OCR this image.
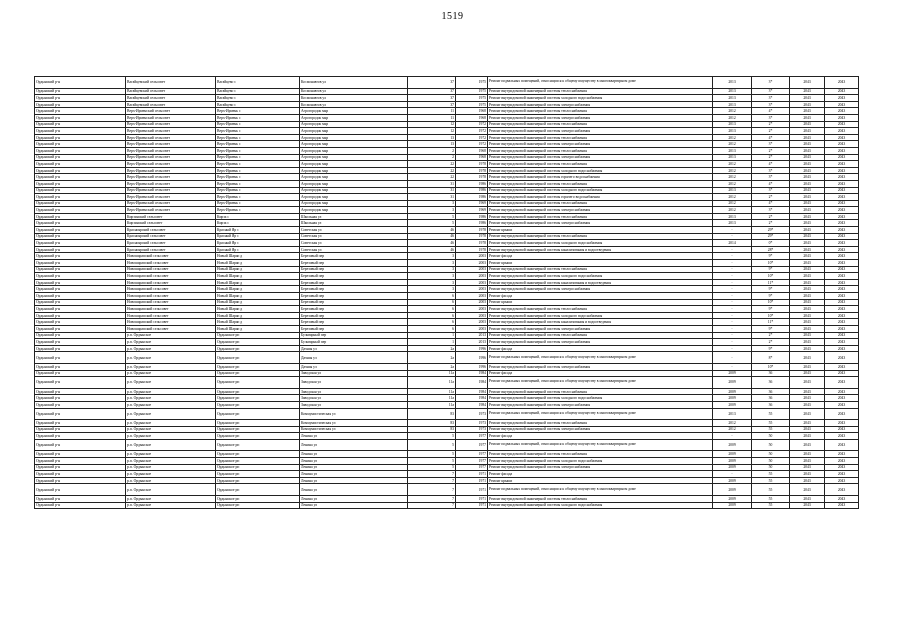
1519
Ордынский р-н	Вагайцевский сельсовет	Вагайцево с	Космонавтов ул	37	1975	Ремонт подвальных помещений, относящихся к общему имуществу в многоквартирном доме	2013	3*	2043	2043
Ордынский р-н	Вагайцевский сельсовет	Вагайцево с	Космонавтов ул	37	1975	Ремонт внутридомовой инженерной системы теплоснабжения	2013	3*	2043	2043
Ордынский р-н	Вагайцевский сельсовет	Вагайцево с	Космонавтов ул	37	1975	Ремонт внутридомовой инженерной системы холодного водоснабжения	2013	3*	2043	2043
Ордынский р-н	Вагайцевский сельсовет	Вагайцево с	Космонавтов ул	37	1975	Ремонт внутридомовой инженерной системы электроснабжения	2013	3*	2043	2043
Ордынский р-н	Верх-Ирменский сельсовет	Верх-Ирмень с	Агрогородок мкр	11	1968	Ремонт внутридомовой инженерной системы теплоснабжения	2012	4*	2043	2043
Ордынский р-н	Верх-Ирменский сельсовет	Верх-Ирмень с	Агрогородок мкр	11	1968	Ремонт внутридомовой инженерной системы электроснабжения	2012	3*	2043	2043
Ордынский р-н	Верх-Ирменский сельсовет	Верх-Ирмень с	Агрогородок мкр	12	1972	Ремонт внутридомовой инженерной системы теплоснабжения	2013	2*	2043	2043
Ордынский р-н	Верх-Ирменский сельсовет	Верх-Ирмень с	Агрогородок мкр	12	1972	Ремонт внутридомовой инженерной системы электроснабжения	2013	2*	2043	2043
Ордынский р-н	Верх-Ирменский сельсовет	Верх-Ирмень с	Агрогородок мкр	13	1972	Ремонт внутридомовой инженерной системы теплоснабжения	2012	4*	2043	2043
Ордынский р-н	Верх-Ирменский сельсовет	Верх-Ирмень с	Агрогородок мкр	13	1972	Ремонт внутридомовой инженерной системы электроснабжения	2012	3*	2043	2043
Ордынский р-н	Верх-Ирменский сельсовет	Верх-Ирмень с	Агрогородок мкр	2	1968	Ремонт внутридомовой инженерной системы теплоснабжения	2013	2*	2043	2043
Ордынский р-н	Верх-Ирменский сельсовет	Верх-Ирмень с	Агрогородок мкр	2	1968	Ремонт внутридомовой инженерной системы электроснабжения	2013	2*	2043	2043
Ордынский р-н	Верх-Ирменский сельсовет	Верх-Ирмень с	Агрогородок мкр	22	1978	Ремонт внутридомовой инженерной системы теплоснабжения	2012	4*	2043	2043
Ордынский р-н	Верх-Ирменский сельсовет	Верх-Ирмень с	Агрогородок мкр	22	1978	Ремонт внутридомовой инженерной системы холодного водоснабжения	2012	3*	2043	2043
Ордынский р-н	Верх-Ирменский сельсовет	Верх-Ирмень с	Агрогородок мкр	22	1978	Ремонт внутридомовой инженерной системы горячего водоснабжения	2012	3*	2043	2043
Ордынский р-н	Верх-Ирменский сельсовет	Верх-Ирмень с	Агрогородок мкр	31	1986	Ремонт внутридомовой инженерной системы теплоснабжения	2012	4*	2043	2043
Ордынский р-н	Верх-Ирменский сельсовет	Верх-Ирмень с	Агрогородок мкр	31	1986	Ремонт внутридомовой инженерной системы холодного водоснабжения	2013	3*	2043	2043
Ордынский р-н	Верх-Ирменский сельсовет	Верх-Ирмень с	Агрогородок мкр	31	1986	Ремонт внутридомовой инженерной системы горячего водоснабжения	2012	2*	2043	2043
Ордынский р-н	Верх-Ирменский сельсовет	Верх-Ирмень с	Агрогородок мкр	3	1969	Ремонт внутридомовой инженерной системы теплоснабжения	2012	4*	2043	2043
Ордынский р-н	Верх-Ирменский сельсовет	Верх-Ирмень с	Агрогородок мкр	3	1969	Ремонт внутридомовой инженерной системы электроснабжения	2012	3*	2043	2043
Ордынский р-н	Кирзинский сельсовет	Кирза с	Школьная ул	5	1986	Ремонт внутридомовой инженерной системы теплоснабжения	2013	2*	2043	2043
Ордынский р-н	Кирзинский сельсовет	Кирза с	Школьная ул	5	1986	Ремонт внутридомовой инженерной системы электроснабжения	2013	2*	2043	2043
Ордынский р-н	Красноярский сельсовет	Красный Яр с	Советская ул	46	1978	Ремонт крыши	-	29*	2043	2043
Ордынский р-н	Красноярский сельсовет	Красный Яр с	Советская ул	46	1978	Ремонт внутридомовой инженерной системы теплоснабжения	-	29*	2043	2043
Ордынский р-н	Красноярский сельсовет	Красный Яр с	Советская ул	46	1978	Ремонт внутридомовой инженерной системы холодного водоснабжения	2014	0*	2043	2043
Ордынский р-н	Красноярский сельсовет	Красный Яр с	Советская ул	46	1978	Ремонт внутридомовой инженерной системы канализования и водоотведения	-	28*	2043	2043
Ордынский р-н	Новошарапский сельсовет	Новый Шарап д	Березовый пер	3	2003	Ремонт фасада	-	9*	2043	2043
Ордынский р-н	Новошарапский сельсовет	Новый Шарап д	Березовый пер	3	2003	Ремонт крыши	-	10*	2043	2043
Ордынский р-н	Новошарапский сельсовет	Новый Шарап д	Березовый пер	3	2003	Ремонт внутридомовой инженерной системы теплоснабжения	-	9*	2043	2043
Ордынский р-н	Новошарапский сельсовет	Новый Шарап д	Березовый пер	3	2003	Ремонт внутридомовой инженерной системы холодного водоснабжения	-	10*	2043	2043
Ордынский р-н	Новошарапский сельсовет	Новый Шарап д	Березовый пер	3	2003	Ремонт внутридомовой инженерной системы канализования и водоотведения	-	11*	2043	2043
Ордынский р-н	Новошарапский сельсовет	Новый Шарап д	Березовый пер	3	2003	Ремонт внутридомовой инженерной системы электроснабжения	-	9*	2043	2043
Ордынский р-н	Новошарапский сельсовет	Новый Шарап д	Березовый пер	6	2003	Ремонт фасада	-	9*	2043	2043
Ордынский р-н	Новошарапский сельсовет	Новый Шарап д	Березовый пер	6	2003	Ремонт крыши	-	10*	2043	2043
Ордынский р-н	Новошарапский сельсовет	Новый Шарап д	Березовый пер	6	2003	Ремонт внутридомовой инженерной системы теплоснабжения	-	9*	2043	2043
Ордынский р-н	Новошарапский сельсовет	Новый Шарап д	Березовый пер	6	2003	Ремонт внутридомовой инженерной системы холодного водоснабжения	-	10*	2043	2043
Ордынский р-н	Новошарапский сельсовет	Новый Шарап д	Березовый пер	6	2003	Ремонт внутридомовой инженерной системы канализования и водоотведения	-	11*	2043	2043
Ордынский р-н	Новошарапский сельсовет	Новый Шарап д	Березовый пер	6	2003	Ремонт внутридомовой инженерной системы электроснабжения	-	9*	2043	2043
Ордынский р-н	р.п. Ордынское	Ордынское рп	Бульварный пер	1	2013	Ремонт внутридомовой инженерной системы теплоснабжения	-	2*	2043	2043
Ордынский р-н	р.п. Ордынское	Ордынское рп	Бульварный пер	1	2013	Ремонт внутридомовой инженерной системы электроснабжения	-	2*	2043	2043
Ордынский р-н	р.п. Ордынское	Ордынское рп	Дачная ул	2а	1996	Ремонт фасада	-	9*	2043	2043
Ордынский р-н	р.п. Ордынское	Ордынское рп	Дачная ул	2а	1996	Ремонт подвальных помещений, относящихся к общему имуществу в многоквартирном доме	-	8*	2043	2043
Ордынский р-н	р.п. Ордынское	Ордынское рп	Дачная ул	2а	1996	Ремонт внутридомовой инженерной системы электроснабжения	-	10*	2043	2043
Ордынский р-н	р.п. Ордынское	Ордынское рп	Заводская ул	11а	1984	Ремонт фасада	2009	36	2043	2043
Ордынский р-н	р.п. Ордынское	Ордынское рп	Заводская ул	11а	1984	Ремонт подвальных помещений, относящихся к общему имуществу в многоквартирном доме	2009	36	2043	2043
Ордынский р-н	р.п. Ордынское	Ордынское рп	Заводская ул	11а	1984	Ремонт внутридомовой инженерной системы теплоснабжения	2009	36	2043	2043
Ордынский р-н	р.п. Ордынское	Ордынское рп	Заводская ул	11а	1984	Ремонт внутридомовой инженерной системы холодного водоснабжения	2009	36	2043	2043
Ордынский р-н	р.п. Ордынское	Ордынское рп	Заводская ул	11а	1984	Ремонт внутридомовой инженерной системы электроснабжения	2009	36	2043	2043
Ордынский р-н	р.п. Ордынское	Ордынское рп	Коммунистическая ул	83	1973	Ремонт подвальных помещений, относящихся к общему имуществу в многоквартирном доме	2013	55	2043	2043
Ордынский р-н	р.п. Ордынское	Ордынское рп	Коммунистическая ул	83	1973	Ремонт внутридомовой инженерной системы теплоснабжения	2012	55	2043	2043
Ордынский р-н	р.п. Ордынское	Ордынское рп	Коммунистическая ул	83	1973	Ремонт внутридомовой инженерной системы электроснабжения	2012	55	2043	2043
Ордынский р-н	р.п. Ордынское	Ордынское рп	Ленина ул	5	1977	Ремонт фасада	-	50	2043	2043
Ордынский р-н	р.п. Ордынское	Ордынское рп	Ленина ул	5	1977	Ремонт подвальных помещений, относящихся к общему имуществу в многоквартирном доме	2009	50	2043	2043
Ордынский р-н	р.п. Ордынское	Ордынское рп	Ленина ул	5	1977	Ремонт внутридомовой инженерной системы теплоснабжения	2009	50	2043	2043
Ордынский р-н	р.п. Ордынское	Ордынское рп	Ленина ул	5	1977	Ремонт внутридомовой инженерной системы холодного водоснабжения	2009	50	2043	2043
Ордынский р-н	р.п. Ордынское	Ордынское рп	Ленина ул	5	1977	Ремонт внутридомовой инженерной системы электроснабжения	2009	50	2043	2043
Ордынский р-н	р.п. Ордынское	Ордынское рп	Ленина ул	7	1971	Ремонт фасада	-	55	2043	2043
Ордынский р-н	р.п. Ордынское	Ордынское рп	Ленина ул	7	1971	Ремонт крыши	2009	55	2043	2043
Ордынский р-н	р.п. Ордынское	Ордынское рп	Ленина ул	7	1971	Ремонт подвальных помещений, относящихся к общему имуществу в многоквартирном доме	2009	55	2043	2043
Ордынский р-н	р.п. Ордынское	Ордынское рп	Ленина ул	7	1971	Ремонт внутридомовой инженерной системы теплоснабжения	2009	55	2043	2043
Ордынский р-н	р.п. Ордынское	Ордынское рп	Ленина ул	7	1971	Ремонт внутридомовой инженерной системы холодного водоснабжения	2009	55	2043	2043
